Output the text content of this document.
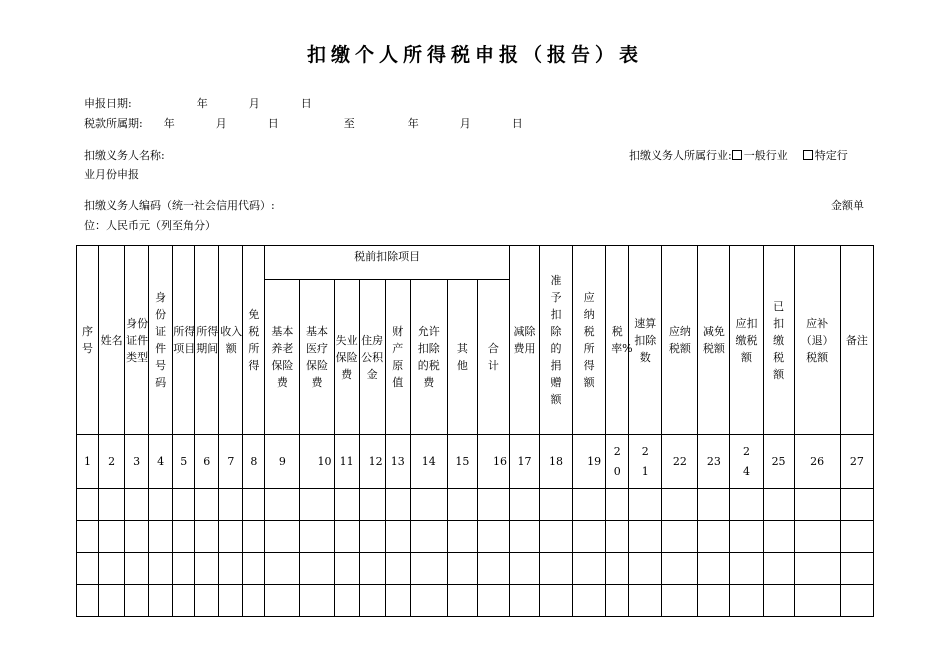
扣缴个人所得税申报（报告）表
申报日期:	年	月	日
税款所属期: 年	月	日	至	年	月	日
扣缴义务人名称:	扣缴义务人所属行业: 一般行业 特定行
业月份申报
扣缴义务人编码（统一社会信用代码）:	金额单
位：人民币元（列至角分）
序号	姓名	身份证件类型	身份证件号码	所得项目	所得期间	收入额	免税所得	税前扣除项目								减除费用	准予扣除的捐赠额	应纳税所得额	税率%	速算扣除数	应纳税额	减免税额	应扣缴税额	已扣缴税额	应补（退）税额	备注
								基本养老保险费	基本医疗保险费	失业保险费	住房公积金	财产原值	允许扣除的税费	其他	合计											
1	2	3	4	5	6	7	8	9	10	11	12	13	14	15	16	17	18	19	20	21	22	23	24	25	26	27
